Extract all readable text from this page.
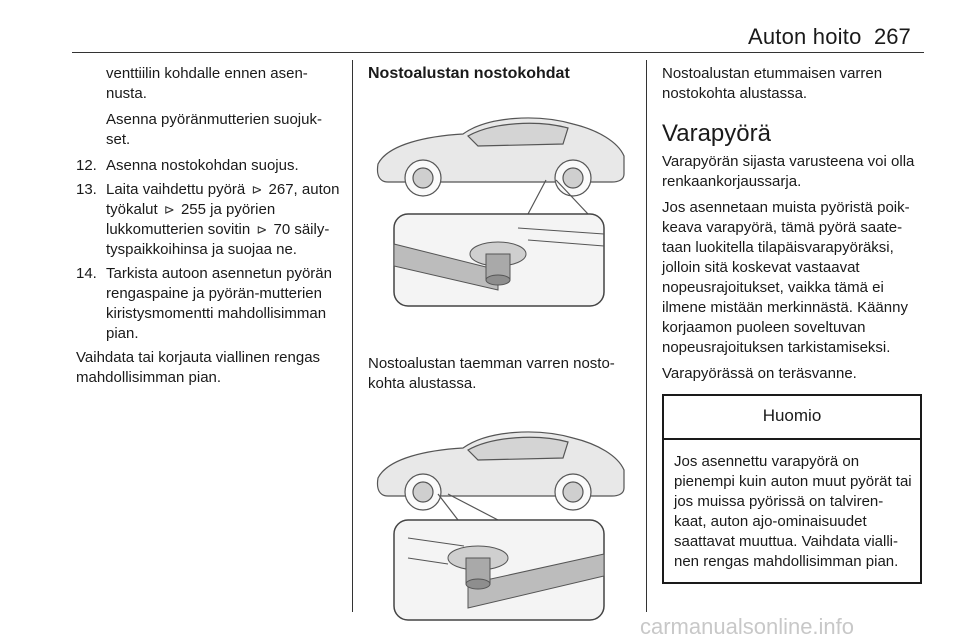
Auton hoito 267

venttiilin kohdalle ennen asen-nusta.

Asenna pyöränmutterien suojuk-set.

12. Asenna nostokohdan suojus.
13. Laita vaihdettu pyörä ⊳ 267, auton työkalut ⊳ 255 ja pyörien lukkomutterien sovitin ⊳ 70 säily-tyspaikkoihinsa ja suojaa ne.
14. Tarkista autoon asennetun pyörän rengaspaine ja pyörän-mutterien kiristysmomentti mahdollisimman pian.

Vaihdata tai korjauta viallinen rengas mahdollisimman pian.

Nostoalustan nostokohdat

Nostoalustan taemman varren nosto-kohta alustassa.

Nostoalustan etummaisen varren nostokohta alustassa.

Varapyörä

Varapyörän sijasta varusteena voi olla renkaankorjaussarja.

Jos asennetaan muista pyöristä poik-keava varapyörä, tämä pyörä saate-taan luokitella tilapäisvarapyöräksi, jolloin sitä koskevat vastaavat nopeusrajoitukset, vaikka tämä ei ilmene mistään merkinnästä. Käänny korjaamon puoleen soveltuvan nopeusrajoituksen tarkistamiseksi.

Varapyörässä on teräsvanne.

Huomio
Jos asennettu varapyörä on pienempi kuin auton muut pyörät tai jos muissa pyörissä on talviren-kaat, auton ajo-ominaisuudet saattavat muuttua. Vaihdata vialli-nen rengas mahdollisimman pian.
carmanualsonline.info
